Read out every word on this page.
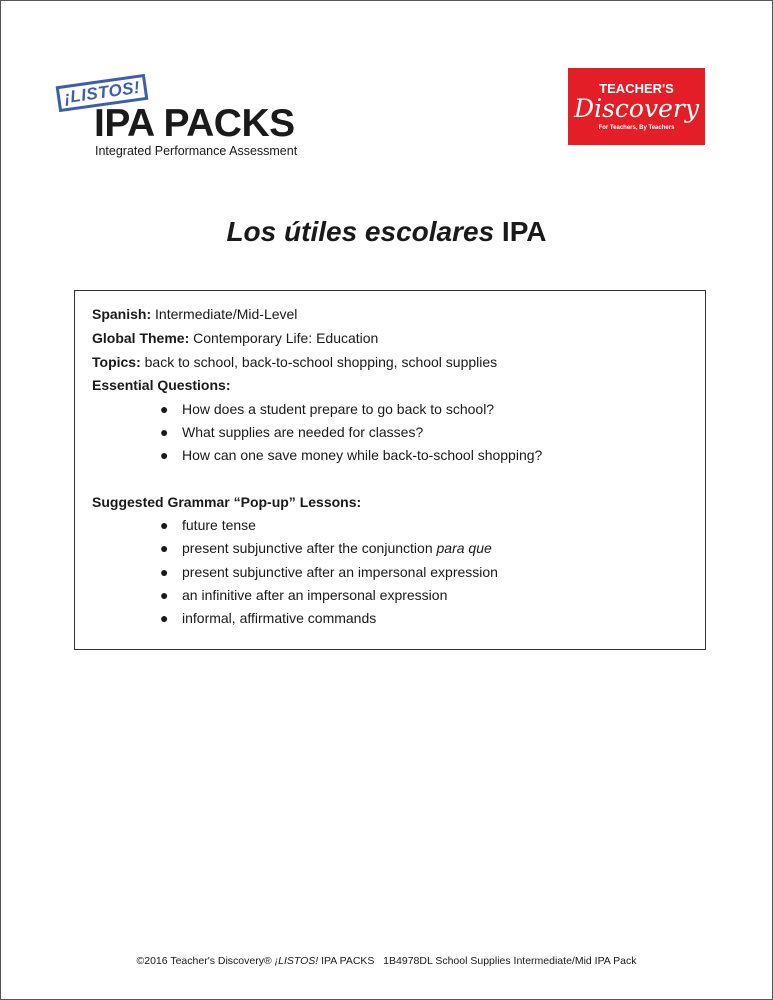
¡LISTOS!
IPA PACKS
Integrated Performance Assessment
TEACHER'S
Discovery
For Teachers, By Teachers
Los útiles escolares IPA
Spanish: Intermediate/Mid-Level
Global Theme: Contemporary Life: Education
Topics: back to school, back-to-school shopping, school supplies
Essential Questions:
● How does a student prepare to go back to school?
● What supplies are needed for classes?
● How can one save money while back-to-school shopping?
Suggested Grammar “Pop-up” Lessons:
● future tense
● present subjunctive after the conjunction para que
● present subjunctive after an impersonal expression
● an infinitive after an impersonal expression
● informal, affirmative commands
©2016 Teacher's Discovery® ¡LISTOS! IPA PACKS   1B4978DL School Supplies Intermediate/Mid IPA Pack
